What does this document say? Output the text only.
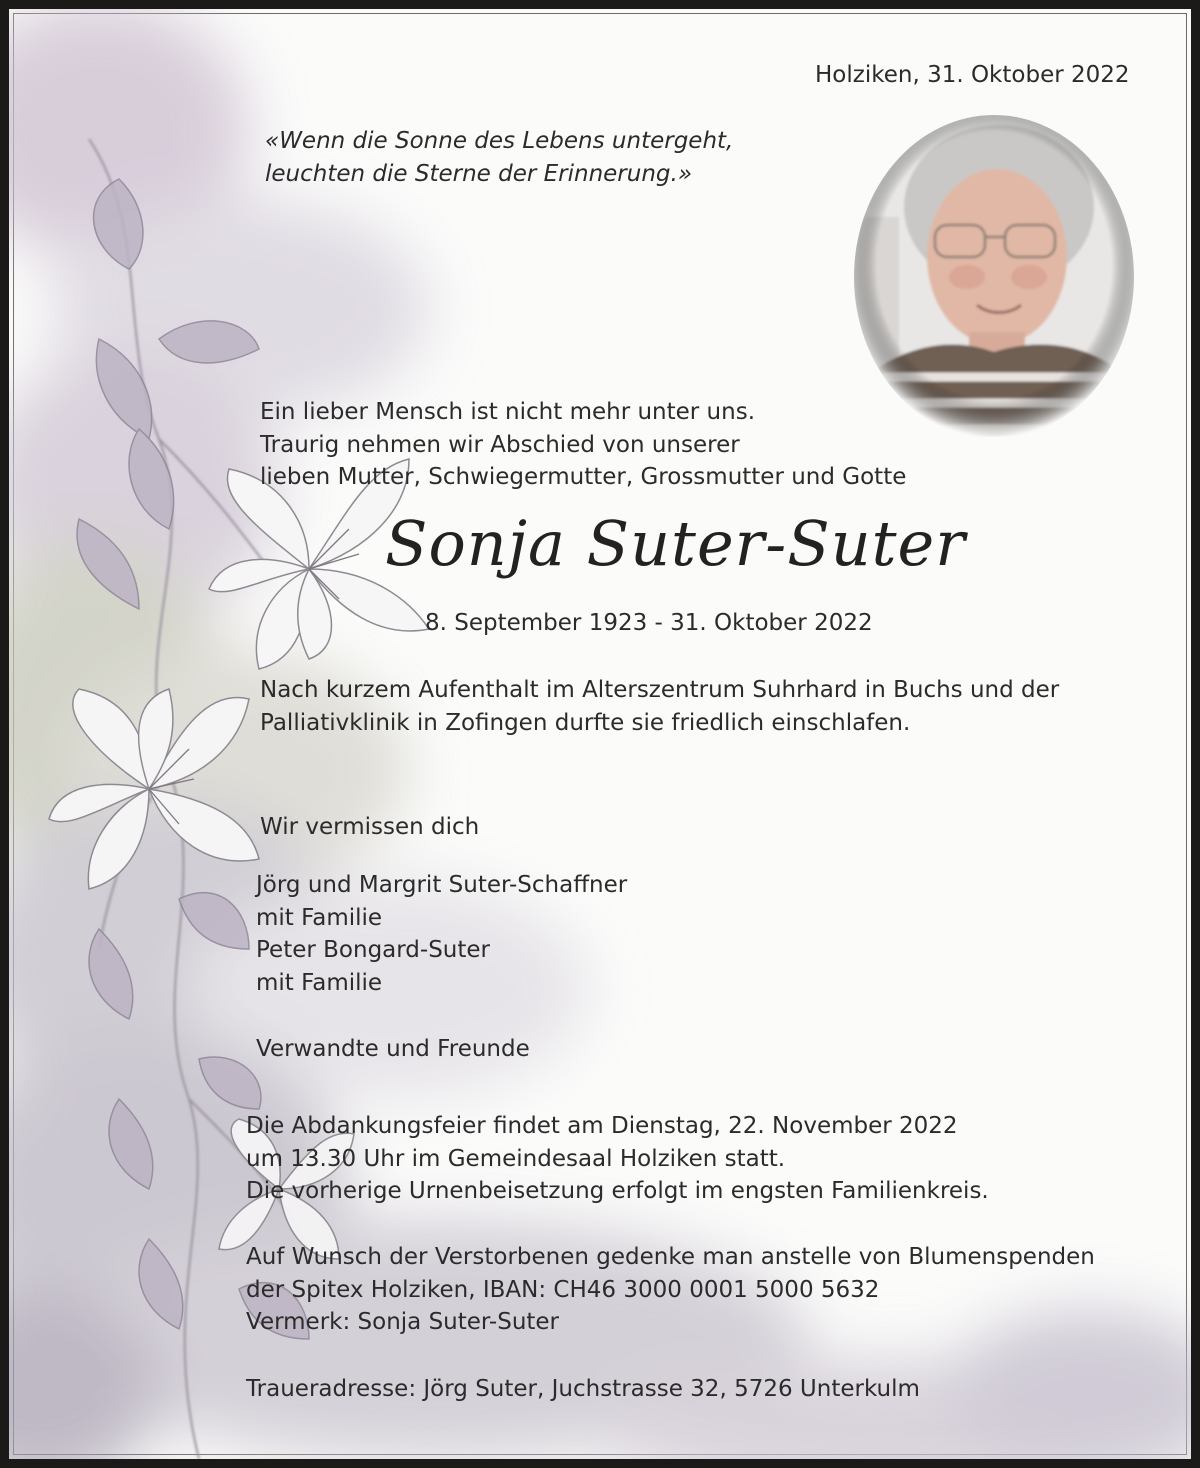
Holziken, 31. Oktober 2022
«Wenn die Sonne des Lebens untergeht,
leuchten die Sterne der Erinnerung.»
Ein lieber Mensch ist nicht mehr unter uns.
Traurig nehmen wir Abschied von unserer
lieben Mutter, Schwiegermutter, Grossmutter und Gotte
Sonja Suter-Suter
8. September 1923 - 31. Oktober 2022
Nach kurzem Aufenthalt im Alterszentrum Suhrhard in Buchs und der
Palliativklinik in Zofingen durfte sie friedlich einschlafen.
Wir vermissen dich
Jörg und Margrit Suter-Schaffner
mit Familie
Peter Bongard-Suter
mit Familie
Verwandte und Freunde
Die Abdankungsfeier findet am Dienstag, 22. November 2022
um 13.30 Uhr im Gemeindesaal Holziken statt.
Die vorherige Urnenbeisetzung erfolgt im engsten Familienkreis.
Auf Wunsch der Verstorbenen gedenke man anstelle von Blumenspenden
der Spitex Holziken, IBAN: CH46 3000 0001 5000 5632
Vermerk: Sonja Suter-Suter
Traueradresse: Jörg Suter, Juchstrasse 32, 5726 Unterkulm
